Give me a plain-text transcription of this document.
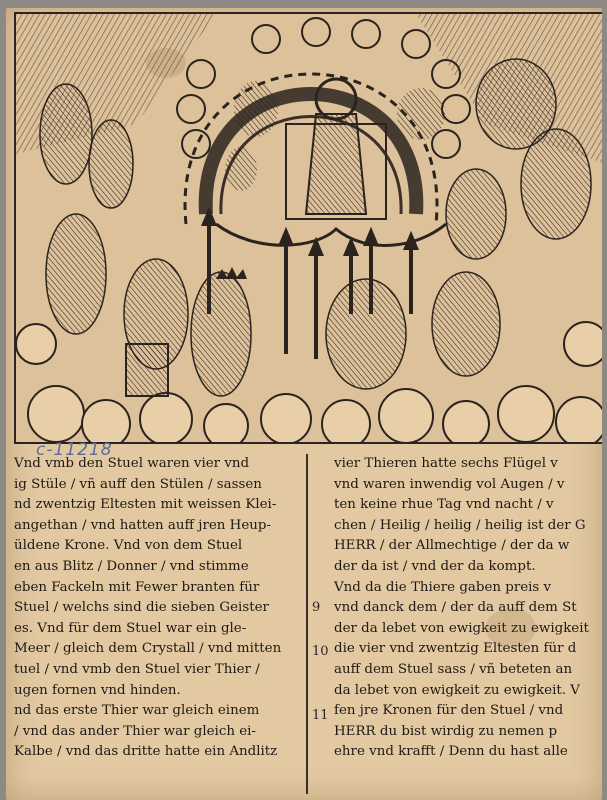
c-11218

Vnd vmb den Stuel waren vier vnd

ig Stüle / vñ auff den Stülen / sassen

nd zwentzig Eltesten mit weissen Klei-

angethan / vnd hatten auff jren Heup-

üldene Krone. Vnd von dem Stuel

en aus Blitz / Donner / vnd stimme

eben Fackeln mit Fewer branten für

Stuel / welchs sind die sieben Geister

es. Vnd für dem Stuel war ein gle-

Meer / gleich dem Crystall / vnd mitten

tuel / vnd vmb den Stuel vier Thier /

ugen fornen vnd hinden.

nd das erste Thier war gleich einem

/ vnd das ander Thier war gleich ei-

Kalbe / vnd das dritte hatte ein Andlitz

vier Thieren hatte sechs Flügel v

vnd waren inwendig vol Augen / v

ten keine rhue Tag vnd nacht / v

chen / Heilig / heilig / heilig ist der G

HERR / der Allmechtige / der da w

der da ist / vnd der da kompt.

Vnd da die Thiere gaben preis v

vnd danck dem / der da auff dem St

der da lebet von ewigkeit zu ewigkeit

die vier vnd zwentzig Eltesten für d

auff dem Stuel sass / vñ beteten an

da lebet von ewigkeit zu ewigkeit. V

fen jre Kronen für den Stuel / vnd

HERR du bist wirdig zu nemen p

ehre vnd krafft / Denn du hast alle

9
10
11
